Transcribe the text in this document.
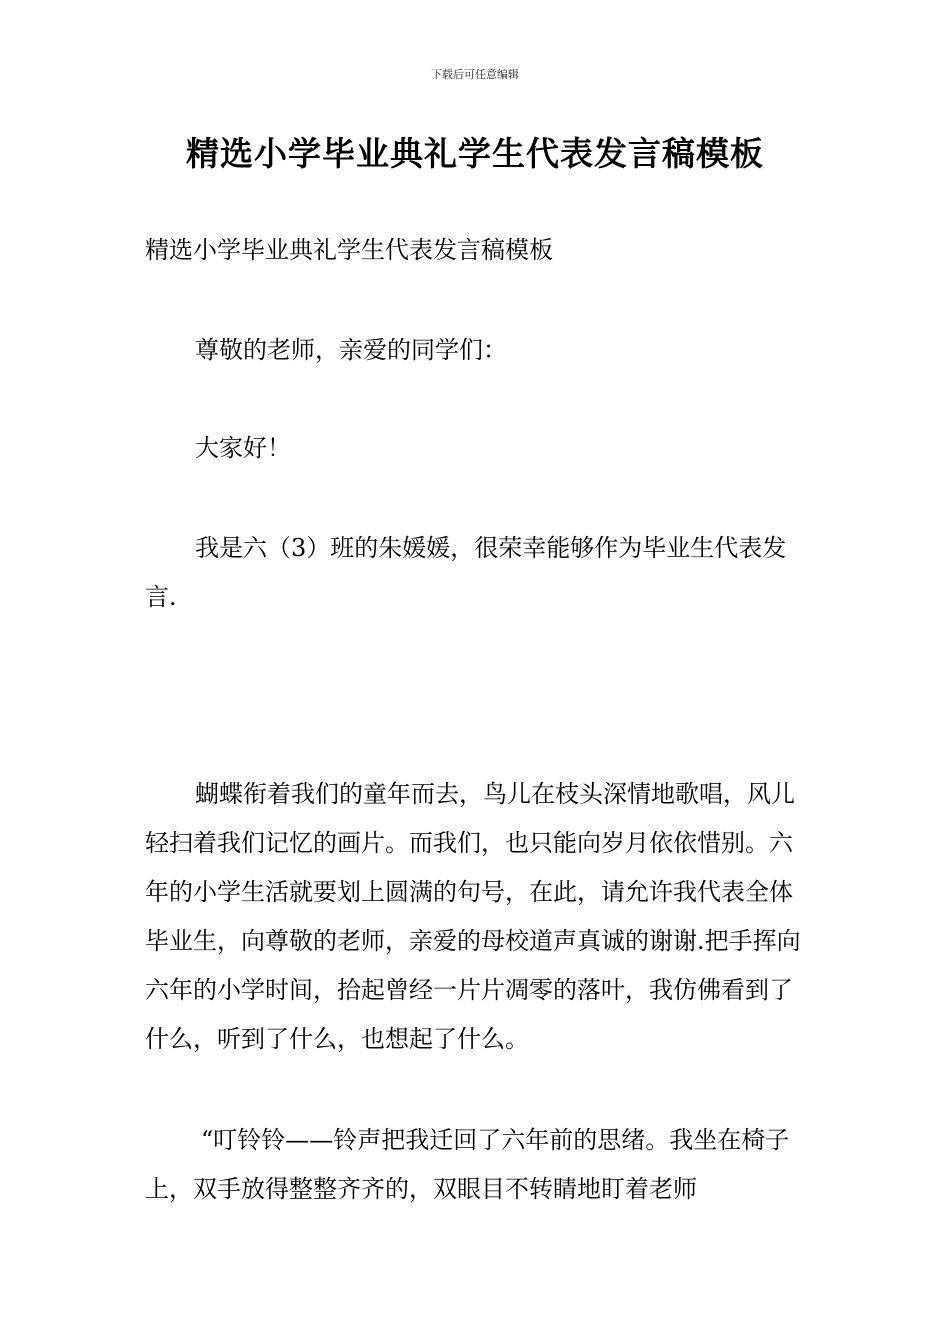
下载后可任意编辑
精选小学毕业典礼学生代表发言稿模板

精选小学毕业典礼学生代表发言稿模板

尊敬的老师，亲爱的同学们：

大家好！

我是六（3）班的朱媛媛，很荣幸能够作为毕业生代表发言.

蝴蝶衔着我们的童年而去，鸟儿在枝头深情地歌唱，风儿轻扫着我们记忆的画片。而我们，也只能向岁月依依惜别。六年的小学生活就要划上圆满的句号，在此，请允许我代表全体毕业生，向尊敬的老师，亲爱的母校道声真诚的谢谢.把手挥向六年的小学时间，拾起曾经一片片凋零的落叶，我仿佛看到了什么，听到了什么，也想起了什么。

“叮铃铃——铃声把我迁回了六年前的思绪。我坐在椅子上，双手放得整整齐齐的，双眼目不转睛地盯着老师
